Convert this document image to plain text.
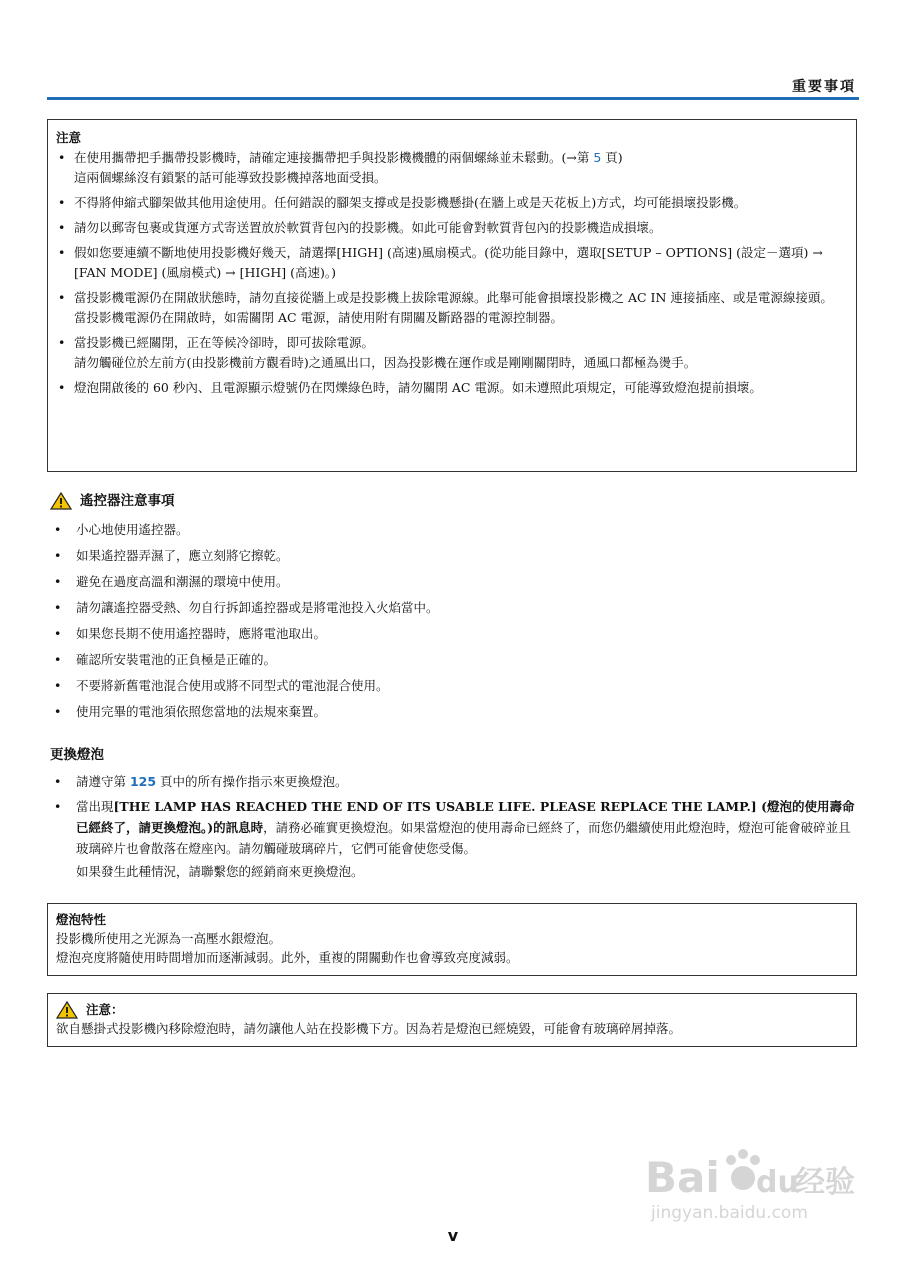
重要事項
注意
• 在使用攜帶把手攜帶投影機時，請確定連接攜帶把手與投影機機體的兩個螺絲並未鬆動。(→第 5 頁)
這兩個螺絲沒有鎖緊的話可能導致投影機掉落地面受損。
• 不得將伸縮式腳架做其他用途使用。任何錯誤的腳架支撐或是投影機懸掛(在牆上或是天花板上)方式，均可能損壞投影機。
• 請勿以郵寄包裹或貨運方式寄送置放於軟質背包內的投影機。如此可能會對軟質背包內的投影機造成損壞。
• 假如您要連續不斷地使用投影機好幾天，請選擇[HIGH] (高速)風扇模式。(從功能目錄中，選取[SETUP – OPTIONS] (設定－選項) → [FAN MODE] (風扇模式) → [HIGH] (高速)。)
• 當投影機電源仍在開啟狀態時，請勿直接從牆上或是投影機上拔除電源線。此舉可能會損壞投影機之 AC IN 連接插座、或是電源線接頭。
當投影機電源仍在開啟時，如需關閉 AC 電源，請使用附有開關及斷路器的電源控制器。
• 當投影機已經關閉，正在等候冷卻時，即可拔除電源。
請勿觸碰位於左前方(由投影機前方觀看時)之通風出口，因為投影機在運作或是剛剛關閉時，通風口都極為燙手。
• 燈泡開啟後的 60 秒內、且電源顯示燈號仍在閃爍綠色時，請勿關閉 AC 電源。如未遵照此項規定，可能導致燈泡提前損壞。
遙控器注意事項
• 小心地使用遙控器。
• 如果遙控器弄濕了，應立刻將它擦乾。
• 避免在過度高溫和潮濕的環境中使用。
• 請勿讓遙控器受熱、勿自行拆卸遙控器或是將電池投入火焰當中。
• 如果您長期不使用遙控器時，應將電池取出。
• 確認所安裝電池的正負極是正確的。
• 不要將新舊電池混合使用或將不同型式的電池混合使用。
• 使用完畢的電池須依照您當地的法規來棄置。
更換燈泡
• 請遵守第 125 頁中的所有操作指示來更換燈泡。
• 當出現[THE LAMP HAS REACHED THE END OF ITS USABLE LIFE. PLEASE REPLACE THE LAMP.] (燈泡的使用壽命已經終了，請更換燈泡。)的訊息時，請務必確實更換燈泡。如果當燈泡的使用壽命已經終了，而您仍繼續使用此燈泡時，燈泡可能會破碎並且玻璃碎片也會散落在燈座內。請勿觸碰玻璃碎片，它們可能會使您受傷。
如果發生此種情況，請聯繫您的經銷商來更換燈泡。
燈泡特性
投影機所使用之光源為一高壓水銀燈泡。
燈泡亮度將隨使用時間增加而逐漸減弱。此外，重複的開關動作也會導致亮度減弱。
注意：
欲自懸掛式投影機內移除燈泡時，請勿讓他人站在投影機下方。因為若是燈泡已經燒毀，可能會有玻璃碎屑掉落。
Bai du
经验
jingyan.baidu.com
v
